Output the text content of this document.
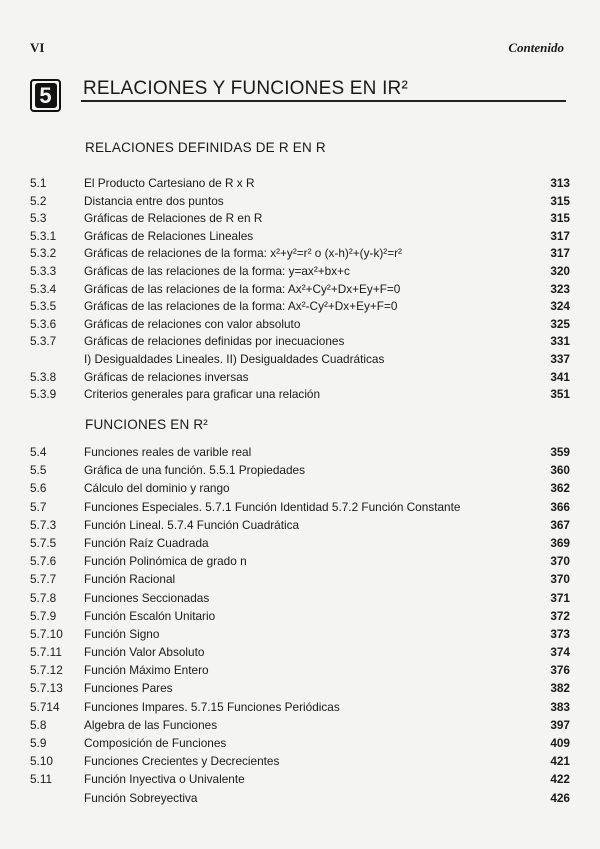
VI	Contenido
5 RELACIONES Y FUNCIONES EN IR²
RELACIONES DEFINIDAS DE R EN R
5.1	El Producto Cartesiano de R x R	313
5.2	Distancia entre dos puntos	315
5.3	Gráficas de Relaciones de R en R	315
5.3.1	Gráficas de Relaciones Lineales	317
5.3.2	Gráficas de relaciones de la forma: x²+y²=r² o (x-h)²+(y-k)²=r²	317
5.3.3	Gráficas de las relaciones de la forma: y=ax²+bx+c	320
5.3.4	Gráficas de las relaciones de la forma: Ax²+Cy²+Dx+Ey+F=0	323
5.3.5	Gráficas de las relaciones de la forma: Ax²-Cy²+Dx+Ey+F=0	324
5.3.6	Gráficas de relaciones con valor absoluto	325
5.3.7	Gráficas de relaciones definidas por inecuaciones	331
I) Desigualdades Lineales. II) Desigualdades Cuadráticas	337
5.3.8	Gráficas de relaciones inversas	341
5.3.9	Criterios generales para graficar una relación	351
FUNCIONES EN R²
5.4	Funciones reales de varible real	359
5.5	Gráfica de una función. 5.5.1 Propiedades	360
5.6	Cálculo del dominio y rango	362
5.7	Funciones Especiales. 5.7.1 Función Identidad 5.7.2 Función Constante	366
5.7.3	Función Lineal. 5.7.4 Función Cuadrática	367
5.7.5	Función Raíz Cuadrada	369
5.7.6	Función Polinómica de grado n	370
5.7.7	Función Racional	370
5.7.8	Funciones Seccionadas	371
5.7.9	Función Escalón Unitario	372
5.7.10	Función Signo	373
5.7.11	Función Valor Absoluto	374
5.7.12	Función Máximo Entero	376
5.7.13	Funciones Pares	382
5.714	Funciones Impares. 5.7.15 Funciones Periódicas	383
5.8	Algebra de las Funciones	397
5.9	Composición de Funciones	409
5.10	Funciones Crecientes y Decrecientes	421
5.11	Función Inyectiva o Univalente	422
Función Sobreyectiva	426
